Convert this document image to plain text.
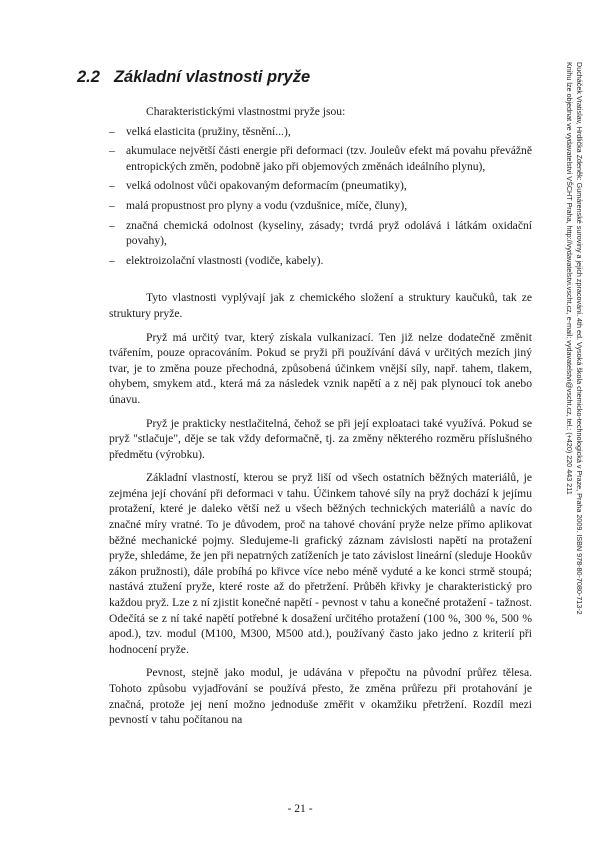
2.2 Základní vlastnosti pryže

Charakteristickými vlastnostmi pryže jsou:

– velká elasticita (pružiny, těsnění...),
– akumulace největší části energie při deformaci (tzv. Jouleův efekt má povahu převážně entropických změn, podobně jako při objemových změnách ideálního plynu),
– velká odolnost vůči opakovaným deformacím (pneumatiky),
– malá propustnost pro plyny a vodu (vzdušnice, míče, čluny),
– značná chemická odolnost (kyseliny, zásady; tvrdá pryž odolává i látkám oxidační povahy),
– elektroizolační vlastnosti (vodiče, kabely).

Tyto vlastnosti vyplývají jak z chemického složení a struktury kaučuků, tak ze struktury pryže.

Pryž má určitý tvar, který získala vulkanizací. Ten již nelze dodatečně změnit tvářením, pouze opracováním. Pokud se pryži při používání dává v určitých mezích jiný tvar, je to změna pouze přechodná, způsobená účinkem vnější síly, např. tahem, tlakem, ohybem, smykem atd., která má za následek vznik napětí a z něj pak plynoucí tok anebo únavu.

Pryž je prakticky nestlačitelná, čehož se při její exploataci také využívá. Pokud se pryž "stlačuje", děje se tak vždy deformačně, tj. za změny některého rozměru příslušného předmětu (výrobku).

Základní vlastností, kterou se pryž liší od všech ostatních běžných materiálů, je zejména její chování při deformaci v tahu. Účinkem tahové síly na pryž dochází k jejímu protažení, které je daleko větší než u všech běžných technických materiálů a navíc do značné míry vratné. To je důvodem, proč na tahové chování pryže nelze přímo aplikovat běžné mechanické pojmy. Sledujeme-li grafický záznam závislosti napětí na protažení pryže, shledáme, že jen při nepatrných zatíženích je tato závislost lineární (sleduje Hookův zákon pružnosti), dále probíhá po křivce více nebo méně vyduté a ke konci strmě stoupá; nastává ztužení pryže, které roste až do přetržení. Průběh křivky je charakteristický pro každou pryž. Lze z ní zjistit konečné napětí - pevnost v tahu a konečné protažení - tažnost. Odečítá se z ní také napětí potřebné k dosažení určitého protažení (100 %, 300 %, 500 % apod.), tzv. modul (M100, M300, M500 atd.), používaný často jako jedno z kriterií při hodnocení pryže.

Pevnost, stejně jako modul, je udávána v přepočtu na původní průřez tělesa. Tohoto způsobu vyjadřování se používá přesto, že změna průřezu při protahování je značná, protože jej není možno jednoduše změřit v okamžiku přetržení. Rozdíl mezi pevností v tahu počítanou na

- 21 -
Ducháček Vratislav, Hrdlička Zdeněk: Gumárenské suroviny a jejich zpracování. 4th ed. Vysoká škola chemicko-technologická v Praze, Praha 2009. ISBN 978-80-7080-713-2
Knihu lze objednat ve vydavatelství VŠCHT Praha, http://vydavatelstvi.vscht.cz, e-mail: vydavatelstvi@vscht.cz, tel.: (+420) 220 443 211
